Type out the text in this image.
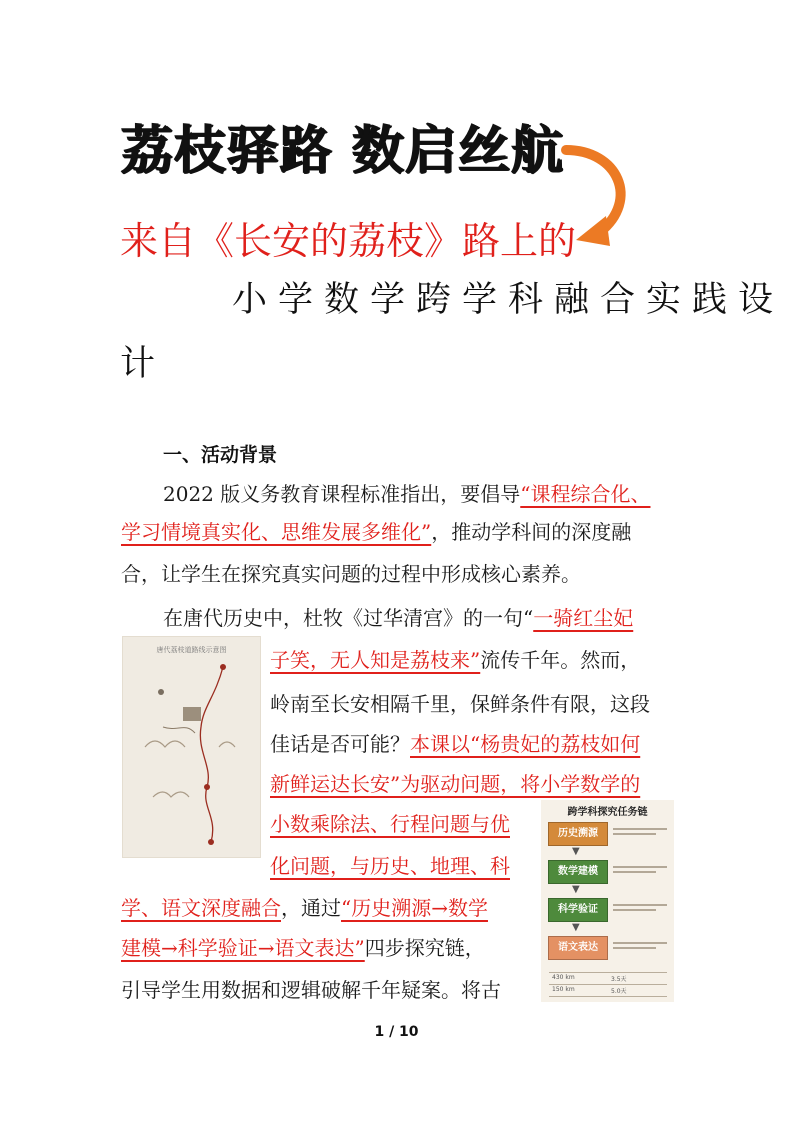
荔枝驿路 数启丝航
来自《长安的荔枝》路上的
小学数学跨学科融合实践设
计
一、活动背景
2022 版义务教育课程标准指出，要倡导“课程综合化、
学习情境真实化、思维发展多维化”，推动学科间的深度融
合，让学生在探究真实问题的过程中形成核心素养。
在唐代历史中，杜牧《过华清宫》的一句“一骑红尘妃
唐代荔枝道路线示意图	子笑，无人知是荔枝来”流传千年。然而，
岭南至长安相隔千里，保鲜条件有限，这段
佳话是否可能？本课以“杨贵妃的荔枝如何
新鲜运达长安”为驱动问题，将小学数学的
小数乘除法、行程问题与优
化问题，与历史、地理、科
学、语文深度融合，通过“历史溯源→数学
建模→科学验证→语文表达”四步探究链，
引导学生用数据和逻辑破解千年疑案。将古
跨学科探究任务链
历史溯源
▼
数学建模
▼
科学验证
▼
语文表达
430 km	3.5天
150 km	5.0天
1 / 10
